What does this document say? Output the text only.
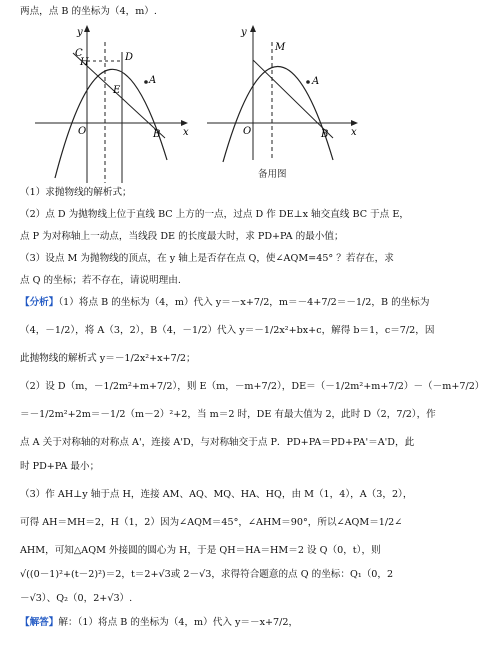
两点，点 B 的坐标为（4，m）.
y
x
O
C
H	D
E
A
B
y
x
O
M
A
B
备用图
（1）求抛物线的解析式；
（2）点 D 为抛物线上位于直线 BC 上方的一点，过点 D 作 DE⊥x 轴交直线 BC 于点 E，
点 P 为对称轴上一动点，当线段 DE 的长度最大时，求 PD+PA 的最小值；
（3）设点 M 为抛物线的顶点，在 y 轴上是否存在点 Q，使∠AQM=45° ？若存在，求
点 Q 的坐标；若不存在，请说明理由.
【分析】（1）将点 B 的坐标为（4，m）代入 y＝－x+7/2，m＝－4+7/2＝－1/2，B 的坐标为
（4，－1/2），将 A（3，2），B（4，－1/2）代入 y＝－1/2x²+bx+c，解得 b＝1，c＝7/2，因
此抛物线的解析式 y＝－1/2x²+x+7/2；
（2）设 D（m，－1/2m²+m+7/2），则 E（m，－m+7/2），DE＝（－1/2m²+m+7/2）－（－m+7/2）
＝－1/2m²+2m＝－1/2（m－2）²+2，当 m＝2 时，DE 有最大值为 2，此时 D（2，7/2），作
点 A 关于对称轴的对称点 A'，连接 A'D，与对称轴交于点 P．PD+PA＝PD+PA'＝A'D，此
时 PD+PA 最小；
（3）作 AH⊥y 轴于点 H，连接 AM、AQ、MQ、HA、HQ，由 M（1，4），A（3，2），
可得 AH＝MH＝2，H（1，2）因为∠AQM＝45°，∠AHM＝90°，所以∠AQM＝1/2∠
AHM，可知△AQM 外接圆的圆心为 H，于是 QH＝HA＝HM＝2 设 Q（0，t），则
√((0－1)²+(t－2)²)＝2，t＝2+√3或 2－√3，求得符合题意的点 Q 的坐标：Q₁（0，2
－√3）、Q₂（0，2+√3）.
【解答】解：（1）将点 B 的坐标为（4，m）代入 y＝－x+7/2，
